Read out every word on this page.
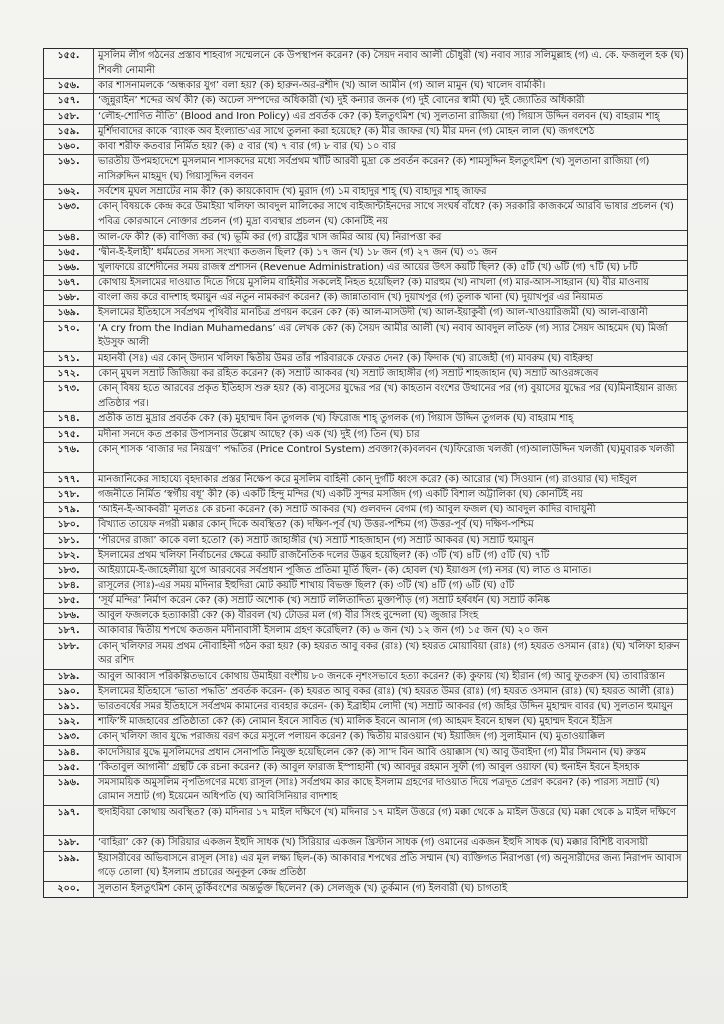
১৫৫.	মুসলিম লীগ গঠনের প্রস্তাব শাহবাগ সম্মেলনে কে উপস্থাপন করেন? (ক) সৈয়দ নবাব আলী চৌধুরী (খ) নবাব স্যার সলিমুল্লাহ (গ) এ. কে. ফজলুল হক (ঘ) শিবলী নোমানী
১৫৬.	কার শাসনামলকে ‘অন্ধকার যুগ’ বলা হয়? (ক) হারুন-অর-রশীদ (খ) আল আমীন (গ) আল মামুন (ঘ) খালেদ বার্মাকী।
১৫৭.	‘জুন্নুরাইন’ শব্দের অর্থ কী? (ক) অঢেল সম্পদের অধিকারী (খ) দুই কন্যার জনক (গ) দুই বোনের স্বামী (ঘ) দুই জ্যোতির অধিকারী
১৫৮.	‘লৌহ-শোণিত নীতি’ (Blood and Iron Policy) এর প্রবর্তক কে? (ক) ইলতুৎমিশ (খ) সুলতানা রাজিয়া (গ) গিয়াস উদ্দিন বলবন (ঘ) বাহরাম শাহ্
১৫৯.	মুর্শিদাবাদের কাকে ‘ব্যাংক অব ইংল্যান্ড’এর সাথে তুলনা করা হয়েছে? (ক) মীর জাফর (খ) মীর মদন (গ) মোহন লাল (ঘ) জগৎশেঠ
১৬০.	কাবা শরীফ কতবার নির্মিত হয়? (ক) ৫ বার (খ) ৭ বার (গ) ৮ বার (ঘ) ১০ বার
১৬১.	ভারতীয় উপমহাদেশে মুসলমান শাসকদের মধ্যে সর্বপ্রথম খাঁটি আরবী মুদ্রা কে প্রবর্তন করেন? (ক) শামসুদ্দিন ইলতুৎমিশ (খ) সুলতানা রাজিয়া (গ) নাসিরুদ্দিন মাহমুদ (ঘ) গিয়াসুদ্দিন বলবন
১৬২.	সর্বশেষ মুঘল সম্রাটের নাম কী? (ক) কায়কোবাদ (খ) মুরাদ (গ) ১ম বাহাদুর শাহ্ (ঘ) বাহাদুর শাহ্ জাফর
১৬৩.	কোন্ বিষয়কে কেন্দ্র করে উমাইয়া খলিফা আবদুল মালিকের সাথে বাইজান্টাইনদের সাথে সংঘর্ষ বাঁধে? (ক) সরকারি কাজকর্মে আরবি ভাষার প্রচলন (খ) পবিত্র কোরআনে নোক্তার প্রচলন (গ) মুদ্রা ব্যবস্থার প্রচলন (ঘ) কোনটিই নয়
১৬৪.	আল-ফে কী? (ক) বাণিজ্য কর (খ) ভূমি কর (গ) রাষ্ট্রের খাস জমির আয় (ঘ) নিরাপত্তা কর
১৬৫.	‘দ্বীন-ই-ইলাহী’ ধর্মমতের সদস্য সংখ্যা কতজন ছিল? (ক) ১৭ জন (খ) ১৮ জন (গ) ২৭ জন (ঘ) ৩১ জন
১৬৬.	খুলাফায়ে রাশেদীনের সময় রাজস্ব প্রশাসন (Revenue Administration) এর আয়ের উৎস কয়টি ছিল? (ক) ৫টি (খ) ৬টি (গ) ৭টি (ঘ) ৮টি
১৬৭.	কোথায় ইসলামের দাওয়াত দিতে গিয়ে মুসলিম বাহিনীর সকলেই নিহত হয়েছিল? (ক) মারহুম (খ) নাখলা (গ) মার-আস-সাহরান (ঘ) বীর মাওনায়
১৬৮.	বাংলা জয় করে বাদশাহ হুমায়ুন এর নতুন নামকরণ করেন? (ক) জান্নাতাবাদ (খ) দুয়াখপুর (গ) তুলাক খানা (ঘ) দুয়াখপুর এর নিয়ামত
১৬৯.	ইসলামের ইতিহাসে সর্বপ্রথম পৃথিবীর মানচিত্র প্রণয়ন করেন কে? (ক) আল-মাসউদী (খ) আল-ইয়াকুবী (গ) আল-খাওয়ারিজমী (ঘ) আল-বাত্তানী
১৭০.	‘A cry from the Indian Muhamedans’ এর লেখক কে? (ক) সৈয়দ আমীর আলী (খ) নবাব আবদুল লতিফ (গ) স্যার সৈয়দ আহমেদ (ঘ) মির্জা ইউসুফ আলী
১৭১.	মহানবী (সঃ) এর কোন্ উদ্যান খলিফা দ্বিতীয় উমর তাঁর পরিবারকে ফেরত দেন? (ক) ফিদাক (খ) রাজেহী (গ) মাবরুম (ঘ) বাইরুহা
১৭২.	কোন্ মুঘল সম্রাট জিজিয়া কর রহিত করেন? (ক) সম্রাট আকবর (খ) সম্রাট জাহাঙ্গীর (গ) সম্রাট শাহজাহান (ঘ) সম্রাট আওরঙ্গজেব
১৭৩.	কোন্ বিষয় হতে আরবের প্রকৃত ইতিহাস শুরু হয়? (ক) বাসুসের যুদ্ধের পর (খ) কাহতান বংশের উত্থানের পর (গ) বুয়াসের যুদ্ধের পর (ঘ)মিনাইয়ান রাজ্য প্রতিষ্ঠার পর।
১৭৪.	প্রতীক তাম্র মুদ্রার প্রবর্তক কে? (ক) মুহাম্মদ বিন তুগলক (খ) ফিরোজ শাহ্ তুগলক (গ) গিয়াস উদ্দিন তুগলক (ঘ) বাহরাম শাহ্
১৭৫.	মদীনা সনদে কত প্রকার উপাসনার উল্লেখ আছে? (ক) এক (খ) দুই (গ) তিন (ঘ) চার
১৭৬.	কোন্ শাসক ‘বাজার দর নিয়ন্ত্রণ’ পদ্ধতির (Price Control System) প্রবক্তা?(ক)বলবন (খ)ফিরোজ খলজী (গ)আলাউদ্দিন খলজী (ঘ)মুবারক খলজী
১৭৭.	মানজানিকের সাহায্যে বৃহদাকার প্রস্তর নিক্ষেপ করে মুসলিম বাহিনী কোন্ দুর্গটি ধ্বংস করে? (ক) আরোর (খ) সিওয়ান (গ) রাওয়ার (ঘ) দাইবুল
১৭৮.	গজনীতে নির্মিত ‘স্বর্গীয় বধূ’ কী? (ক) একটি হিন্দু মন্দির (খ) একটি সুন্দর মসজিদ (গ) একটি বিশাল অট্টালিকা (ঘ) কোনটিই নয়
১৭৯.	‘আইন-ই-আকবরী’ মূলতঃ কে রচনা করেন? (ক) সম্রাট আকবর (খ) গুলবদন বেগম (গ) আবুল ফজল (ঘ) আবদুল কাদির বাদায়ুনী
১৮০.	বিখ্যাত তায়েফ নগরী মক্কার কোন্ দিকে অবস্থিত? (ক) দক্ষিণ-পূর্ব (খ) উত্তর-পশ্চিম (গ) উত্তর-পূর্ব (ঘ) দক্ষিণ-পশ্চিম
১৮১.	‘পীরদের রাজা’ কাকে বলা হতো? (ক) সম্রাট জাহাঙ্গীর (খ) সম্রাট শাহজাহান (গ) সম্রাট আকবর (ঘ) সম্রাট হুমায়ুন
১৮২.	ইসলামের প্রথম খলিফা নির্বাচনের ক্ষেত্রে কয়টি রাজনৈতিক দলের উদ্ভব হয়েছিল? (ক) ৩টি (খ) ৪টি (গ) ৫টি (ঘ) ৭টি
১৮৩.	আইয়্যামে-ই-জাহেলীয়া যুগে আরববের সর্বপ্রধান পূজিত প্রতিমা মূর্তি ছিল- (ক) হোবল (খ) ইয়াগুস (গ) নসর (ঘ) লাত ও মানাত।
১৮৪.	রাসূলের (সাঃ)-এর সময় মদিনার ইহুদিরা মোট কয়টি শাখায় বিভক্ত ছিল? (ক) ৩টি (খ) ৪টি (গ) ৬টি (ঘ) ৫টি
১৮৫.	‘সূর্য মন্দির’ নির্মাণ করেন কে? (ক) সম্রাট অশোক (খ) সম্রাট ললিতাদিত্য মুক্তাপীড় (গ) সম্রাট হর্ষবর্ধন (ঘ) সম্রাট কনিষ্ক
১৮৬.	আবুল ফজলকে হত্যাকারী কে? (ক) বীরবল (খ) টোডর মল (গ) বীর সিংহ বুন্দেলা (ঘ) জুজার সিংহ
১৮৭.	আকাবার দ্বিতীয় শপথে কতজন মদীনাবাসী ইসলাম গ্রহণ করেছিল? (ক) ৬ জন (খ) ১২ জন (গ) ১৫ জন (ঘ) ২০ জন
১৮৮.	কোন্ খলিফার সময় প্রথম নৌবাহিনী গঠন করা হয়? (ক) হযরত আবু বকর (রাঃ) (খ) হযরত মোয়াবিয়া (রাঃ) (গ) হযরত ওসমান (রাঃ) (ঘ) খলিফা হারুন অর রশিদ
১৮৯.	আবুল আব্বাস পরিকল্পিতভাবে কোথায় উমাইয়া বংশীয় ৮০ জনকে নৃশংসভাবে হত্যা করেন? (ক) কুফায় (খ) হীরান (গ) আবু ফুতরুস (ঘ) তাবারিস্তান
১৯০.	ইসলামের ইতিহাসে ‘ভাতা পদ্ধতি’ প্রবর্তক করেন- (ক) হযরত আবু বকর (রাঃ) (খ) হযরত উমর (রাঃ) (গ) হযরত ওসমান (রাঃ) (ঘ) হযরত আলী (রাঃ)
১৯১.	ভারতবর্ষের সমর ইতিহাসে সর্বপ্রথম কামানের ব্যবহার করেন- (ক) ইব্রাহীম লোদী (খ) সম্রাট আকবর (গ) জহির উদ্দিন মুহাম্মদ বাবর (ঘ) সুলতান হুমায়ুন
১৯২.	শাফি’ঈ মাজহাবের প্রতিষ্ঠাতা কে? (ক) নোমান ইবনে সাবিত (খ) মালিক ইবনে আনাস (গ) আহমদ ইবনে হাম্বল (ঘ) মুহাম্মদ ইবনে ইদ্রিস
১৯৩.	কোন্ খলিফা জাব যুদ্ধে পরাজয় বরণ করে মসুলে পলায়ন করেন? (ক) দ্বিতীয় মারওয়ান (খ) ইয়াজিদ (গ) সুলাইমান (ঘ) মুতাওয়াক্কিল
১৯৪.	কাদেসিয়ার যুদ্ধে মুসলিমদের প্রধান সেনাপতি নিযুক্ত হয়েছিলেন কে? (ক) সা’দ বিন আবি ওয়াক্কাস (খ) আবু উবাইদা (গ) মীর সিমনান (ঘ) রুস্তম
১৯৫.	‘কিতাবুল আগানী’ গ্রন্থটি কে রচনা করেন? (ক) আবুল ফারাজ ইস্পাহানী (খ) আবদুর রহমান সুফী (গ) আবুল ওয়াফা (ঘ) হুনাইন ইবনে ইসহাক
১৯৬.	সমসাময়িক অমুসলিম নৃপতিগণের মধ্যে রাসূল (সাঃ) সর্বপ্রথম কার কাছে ইসলাম গ্রহণের দাওয়াত দিয়ে পত্রদূত প্রেরণ করেন? (ক) পারস্য সম্রাট (খ) রোমান সম্রাট (গ) ইয়েমেন অধিপতি (ঘ) আবিসিনিয়ার বাদশাহ
১৯৭.	হুদাইবিয়া কোথায় অবস্থিত? (ক) মদিনার ১৭ মাইল দক্ষিণে (খ) মদিনার ১৭ মাইল উত্তরে (গ) মক্কা থেকে ৯ মাইল উত্তরে (ঘ) মক্কা থেকে ৯ মাইল দক্ষিণে
১৯৮.	‘বাহিরা’ কে? (ক) সিরিয়ার একজন ইহুদি সাধক (খ) সিরিয়ার একজন খ্রিস্টান সাধক (গ) ওমানের একজন ইহুদি সাধক (ঘ) মক্কার বিশিষ্ট ব্যবসায়ী
১৯৯.	ইয়াসরীবের অভিবাসনে রাসূল (সাঃ) এর মূল লক্ষ্য ছিল-(ক) আকাবার শপথের প্রতি সম্মান (খ) ব্যক্তিগত নিরাপত্তা (গ) অনুসারীদের জন্য নিরাপদ আবাস গড়ে তোলা (ঘ) ইসলাম প্রচারের অনুকূল কেন্দ্র প্রতিষ্ঠা
২০০.	সুলতান ইলতুৎমিশ কোন্ তুর্কিবংশের অন্তর্ভুক্ত ছিলেন? (ক) সেলজুক (খ) তুর্কমান (গ) ইলবারী (ঘ) চাগতাই
